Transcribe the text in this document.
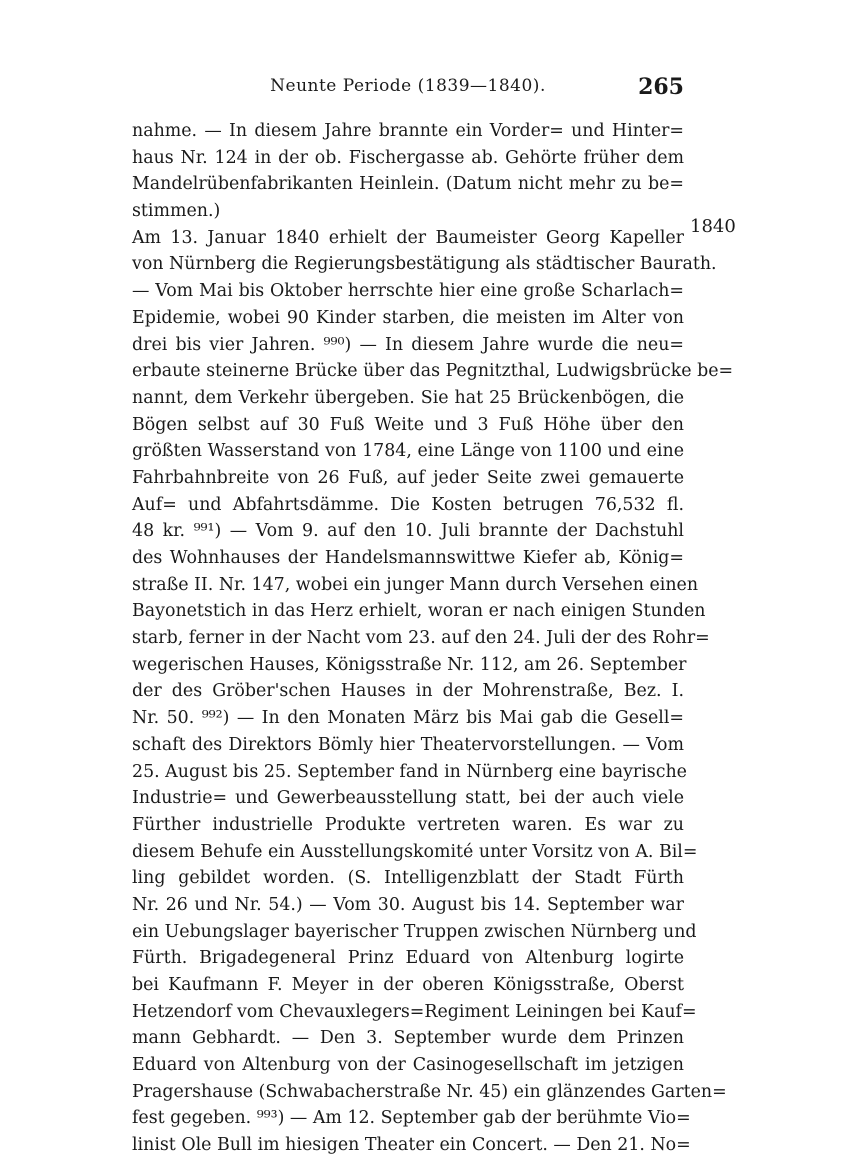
Neunte Periode (1839—1840).	265
1840
nahme. — In diesem Jahre brannte ein Vorder= und Hinter=
haus Nr. 124 in der ob. Fischergasse ab. Gehörte früher dem
Mandelrübenfabrikanten Heinlein. (Datum nicht mehr zu be=
stimmen.)
Am 13. Januar 1840 erhielt der Baumeister Georg Kapeller
von Nürnberg die Regierungsbestätigung als städtischer Baurath.
— Vom Mai bis Oktober herrschte hier eine große Scharlach=
Epidemie, wobei 90 Kinder starben, die meisten im Alter von
drei bis vier Jahren. ⁹⁹⁰) — In diesem Jahre wurde die neu=
erbaute steinerne Brücke über das Pegnitzthal, Ludwigsbrücke be=
nannt, dem Verkehr übergeben. Sie hat 25 Brückenbögen, die
Bögen selbst auf 30 Fuß Weite und 3 Fuß Höhe über den
größten Wasserstand von 1784, eine Länge von 1100 und eine
Fahrbahnbreite von 26 Fuß, auf jeder Seite zwei gemauerte
Auf= und Abfahrtsdämme. Die Kosten betrugen 76,532 fl.
48 kr. ⁹⁹¹) — Vom 9. auf den 10. Juli brannte der Dachstuhl
des Wohnhauses der Handelsmannswittwe Kiefer ab, König=
straße II. Nr. 147, wobei ein junger Mann durch Versehen einen
Bayonetstich in das Herz erhielt, woran er nach einigen Stunden
starb, ferner in der Nacht vom 23. auf den 24. Juli der des Rohr=
wegerischen Hauses, Königsstraße Nr. 112, am 26. September
der des Gröber'schen Hauses in der Mohrenstraße, Bez. I.
Nr. 50. ⁹⁹²) — In den Monaten März bis Mai gab die Gesell=
schaft des Direktors Bömly hier Theatervorstellungen. — Vom
25. August bis 25. September fand in Nürnberg eine bayrische
Industrie= und Gewerbeausstellung statt, bei der auch viele
Fürther industrielle Produkte vertreten waren. Es war zu
diesem Behufe ein Ausstellungskomité unter Vorsitz von A. Bil=
ling gebildet worden. (S. Intelligenzblatt der Stadt Fürth
Nr. 26 und Nr. 54.) — Vom 30. August bis 14. September war
ein Uebungslager bayerischer Truppen zwischen Nürnberg und
Fürth. Brigadegeneral Prinz Eduard von Altenburg logirte
bei Kaufmann F. Meyer in der oberen Königsstraße, Oberst
Hetzendorf vom Chevauxlegers=Regiment Leiningen bei Kauf=
mann Gebhardt. — Den 3. September wurde dem Prinzen
Eduard von Altenburg von der Casinogesellschaft im jetzigen
Pragershause (Schwabacherstraße Nr. 45) ein glänzendes Garten=
fest gegeben. ⁹⁹³) — Am 12. September gab der berühmte Vio=
linist Ole Bull im hiesigen Theater ein Concert. — Den 21. No=
